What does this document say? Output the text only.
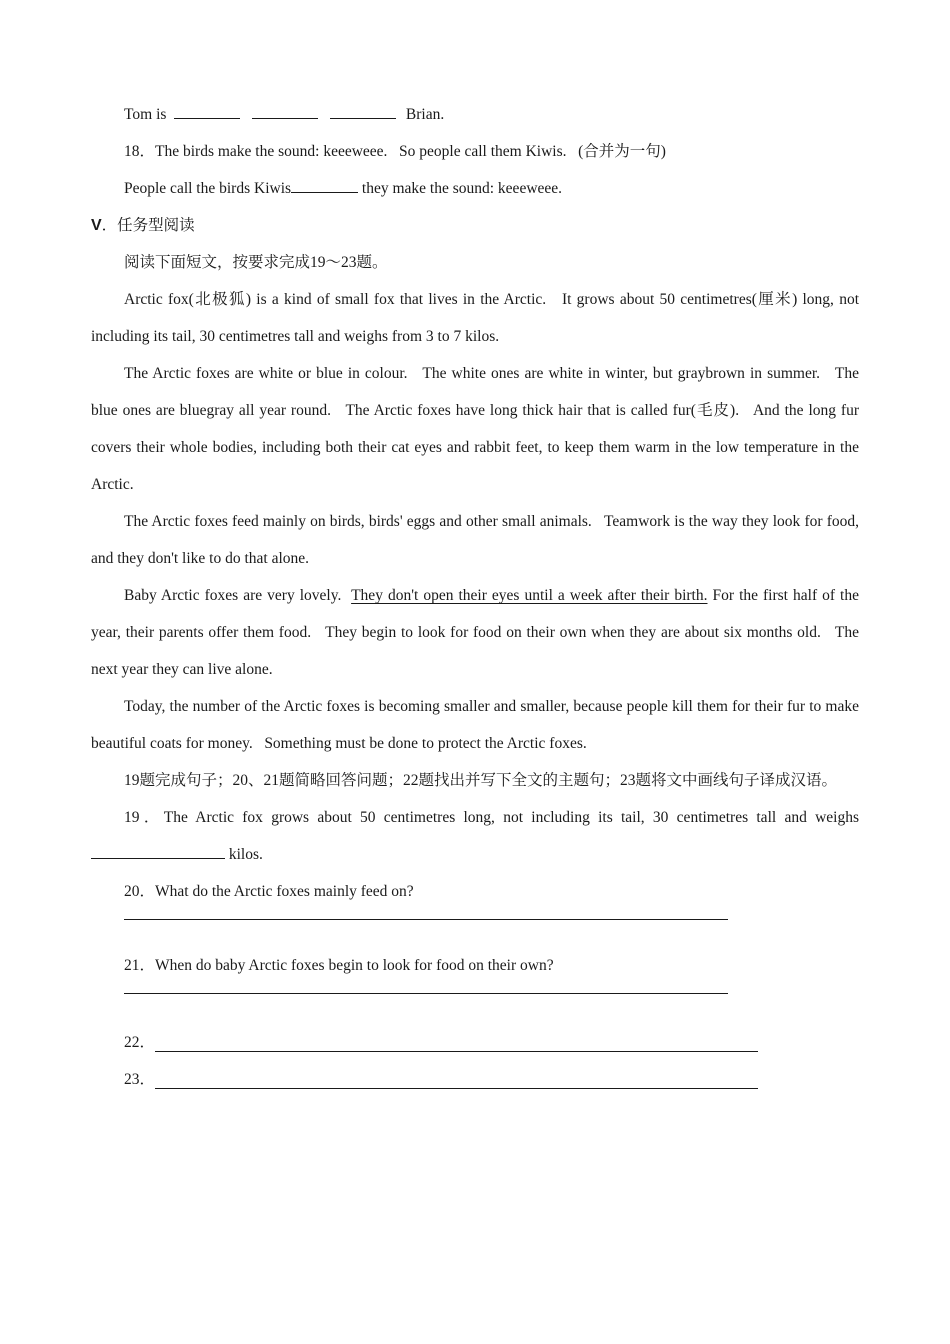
Tom is	Brian.

18．The birds make the sound: keeeweee.   So people call them Kiwis.   (合并为一句)

People call the birds Kiwis	they make the sound: keeeweee.

V．任务型阅读

阅读下面短文，按要求完成19～23题。

Arctic fox(北极狐) is a kind of small fox that lives in the Arctic.   It grows about 50 centimetres(厘米) long, not including its tail, 30 centimetres tall and weighs from 3 to 7 kilos.

The Arctic foxes are white or blue in colour.   The white ones are white in winter, but graybrown in summer.   The blue ones are bluegray all year round.   The Arctic foxes have long thick hair that is called fur(毛皮).   And the long fur covers their whole bodies, including both their cat eyes and rabbit feet, to keep them warm in the low temperature in the Arctic.

The Arctic foxes feed mainly on birds, birds' eggs and other small animals.   Teamwork is the way they look for food, and they don't like to do that alone.

Baby Arctic foxes are very lovely.  They don't open their eyes until a week after their birth. For the first half of the year, their parents offer them food.   They begin to look for food on their own when they are about six months old.   The next year they can live alone.

Today, the number of the Arctic foxes is becoming smaller and smaller, because people kill them for their fur to make beautiful coats for money.   Something must be done to protect the Arctic foxes.

19题完成句子；20、21题简略回答问题；22题找出并写下全文的主题句；23题将文中画线句子译成汉语。

19．The Arctic fox grows about 50 centimetres long, not including its tail, 30 centimetres tall and weighs  kilos.

20．What do the Arctic foxes mainly feed on?

21．When do baby Arctic foxes begin to look for food on their own?

22．
23．
